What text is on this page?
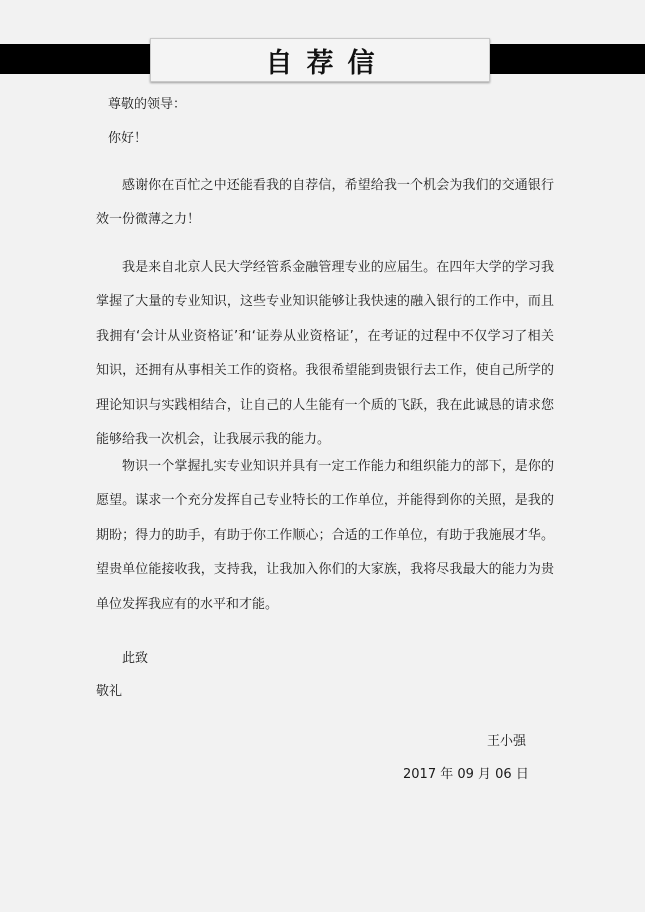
自荐信
尊敬的领导：
你好！

感谢你在百忙之中还能看我的自荐信，希望给我一个机会为我们的交通银行效一份微薄之力！

我是来自北京人民大学经管系金融管理专业的应届生。在四年大学的学习我掌握了大量的专业知识，这些专业知识能够让我快速的融入银行的工作中，而且我拥有‘会计从业资格证’和‘证券从业资格证’，在考证的过程中不仅学习了相关知识，还拥有从事相关工作的资格。我很希望能到贵银行去工作，使自己所学的理论知识与实践相结合，让自己的人生能有一个质的飞跃，我在此诚恳的请求您能够给我一次机会，让我展示我的能力。

物识一个掌握扎实专业知识并具有一定工作能力和组织能力的部下，是你的愿望。谋求一个充分发挥自己专业特长的工作单位，并能得到你的关照，是我的期盼；得力的助手，有助于你工作顺心；合适的工作单位，有助于我施展才华。望贵单位能接收我，支持我，让我加入你们的大家族，我将尽我最大的能力为贵单位发挥我应有的水平和才能。

此致
敬礼
王小强
2017 年 09 月 06 日
